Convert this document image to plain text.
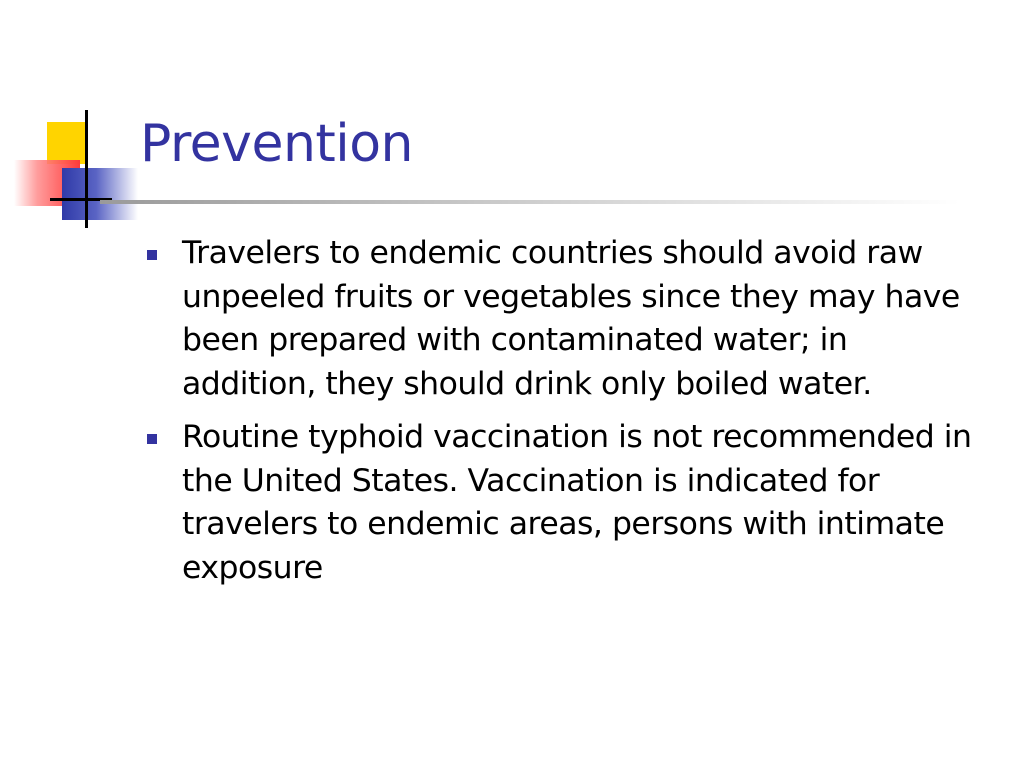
Prevention
Travelers to endemic countries should avoid raw unpeeled fruits or vegetables since they may have been prepared with contaminated water; in addition, they should drink only boiled water.
Routine typhoid vaccination is not recommended in the United States. Vaccination is indicated for travelers to endemic areas, persons with intimate exposure
